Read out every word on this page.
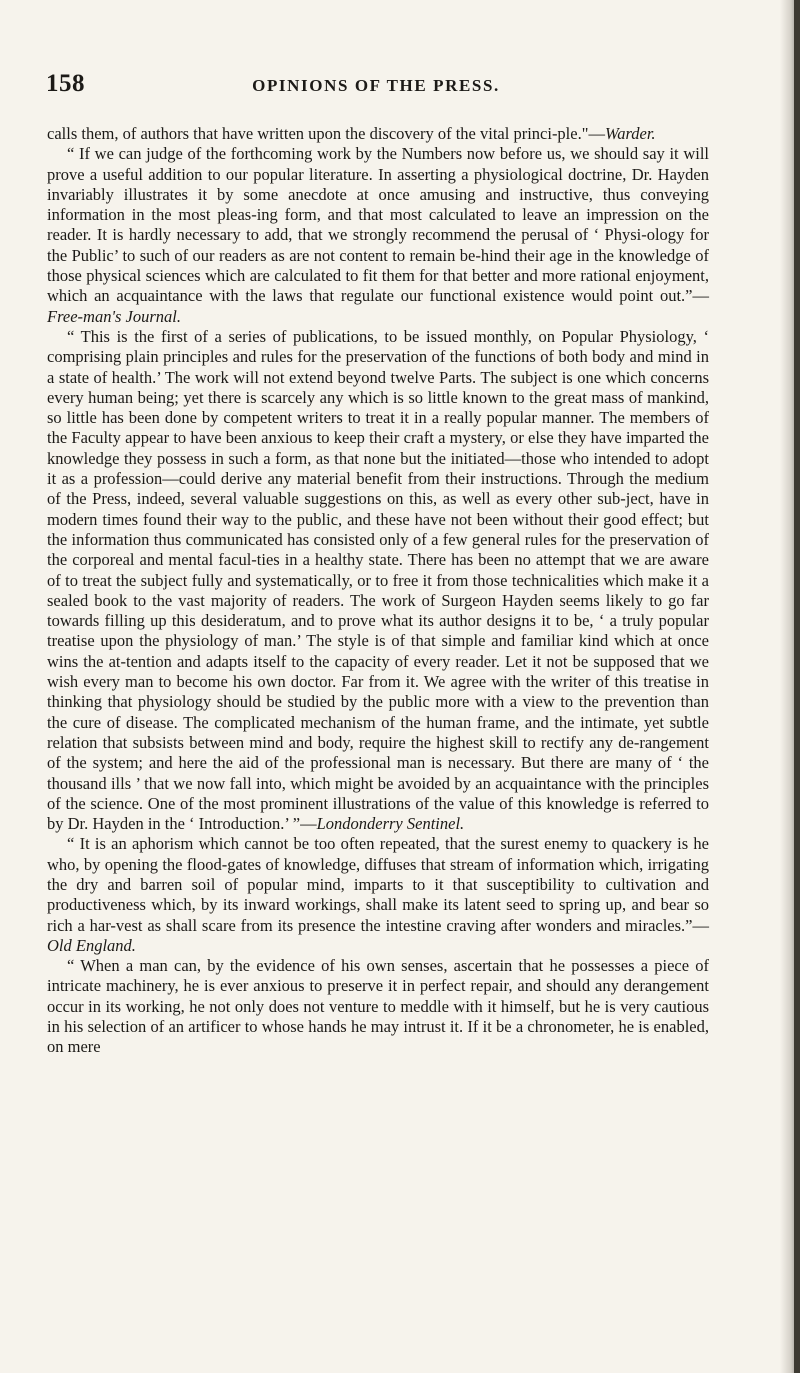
158	OPINIONS OF THE PRESS.

calls them, of authors that have written upon the discovery of the vital princi-ple."—Warder.

“ If we can judge of the forthcoming work by the Numbers now before us, we should say it will prove a useful addition to our popular literature. In asserting a physiological doctrine, Dr. Hayden invariably illustrates it by some anecdote at once amusing and instructive, thus conveying information in the most pleas-ing form, and that most calculated to leave an impression on the reader. It is hardly necessary to add, that we strongly recommend the perusal of ‘ Physi-ology for the Public’ to such of our readers as are not content to remain be-hind their age in the knowledge of those physical sciences which are calculated to fit them for that better and more rational enjoyment, which an acquaintance with the laws that regulate our functional existence would point out.”—Free-man's Journal.

“ This is the first of a series of publications, to be issued monthly, on Popular Physiology, ‘ comprising plain principles and rules for the preservation of the functions of both body and mind in a state of health.’ The work will not extend beyond twelve Parts. The subject is one which concerns every human being; yet there is scarcely any which is so little known to the great mass of mankind, so little has been done by competent writers to treat it in a really popular manner. The members of the Faculty appear to have been anxious to keep their craft a mystery, or else they have imparted the knowledge they possess in such a form, as that none but the initiated—those who intended to adopt it as a profession—could derive any material benefit from their instructions. Through the medium of the Press, indeed, several valuable suggestions on this, as well as every other sub-ject, have in modern times found their way to the public, and these have not been without their good effect; but the information thus communicated has consisted only of a few general rules for the preservation of the corporeal and mental facul-ties in a healthy state. There has been no attempt that we are aware of to treat the subject fully and systematically, or to free it from those technicalities which make it a sealed book to the vast majority of readers. The work of Surgeon Hayden seems likely to go far towards filling up this desideratum, and to prove what its author designs it to be, ‘ a truly popular treatise upon the physiology of man.’ The style is of that simple and familiar kind which at once wins the at-tention and adapts itself to the capacity of every reader. Let it not be supposed that we wish every man to become his own doctor. Far from it. We agree with the writer of this treatise in thinking that physiology should be studied by the public more with a view to the prevention than the cure of disease. The complicated mechanism of the human frame, and the intimate, yet subtle relation that subsists between mind and body, require the highest skill to rectify any de-rangement of the system; and here the aid of the professional man is necessary. But there are many of ‘ the thousand ills ’ that we now fall into, which might be avoided by an acquaintance with the principles of the science. One of the most prominent illustrations of the value of this knowledge is referred to by Dr. Hayden in the ‘ Introduction.’ ”—Londonderry Sentinel.

“ It is an aphorism which cannot be too often repeated, that the surest enemy to quackery is he who, by opening the flood-gates of knowledge, diffuses that stream of information which, irrigating the dry and barren soil of popular mind, imparts to it that susceptibility to cultivation and productiveness which, by its inward workings, shall make its latent seed to spring up, and bear so rich a har-vest as shall scare from its presence the intestine craving after wonders and miracles.”—Old England.

“ When a man can, by the evidence of his own senses, ascertain that he possesses a piece of intricate machinery, he is ever anxious to preserve it in perfect repair, and should any derangement occur in its working, he not only does not venture to meddle with it himself, but he is very cautious in his selection of an artificer to whose hands he may intrust it. If it be a chronometer, he is enabled, on mere
